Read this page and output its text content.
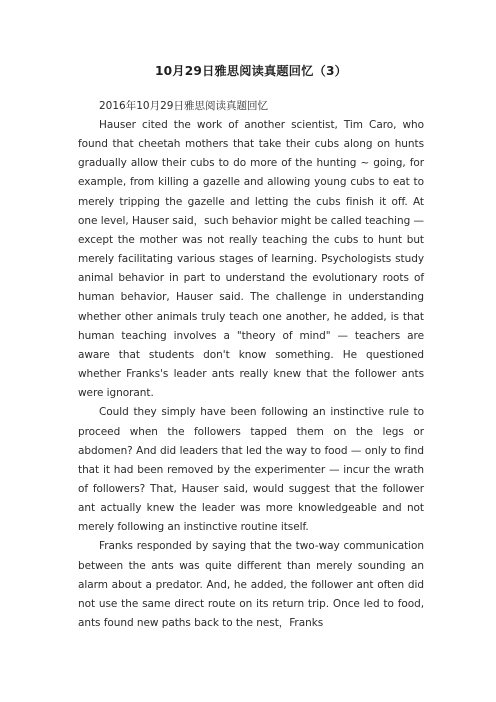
10月29日雅思阅读真题回忆（3）
2016年10月29日雅思阅读真题回忆

Hauser cited the work of another scientist, Tim Caro, who found that cheetah mothers that take their cubs along on hunts gradually allow their cubs to do more of the hunting ~ going, for example, from killing a gazelle and allowing young cubs to eat to merely tripping the gazelle and letting the cubs finish it off. At one level, Hauser said，such behavior might be called teaching — except the mother was not really teaching the cubs to hunt but merely facilitating various stages of learning. Psychologists study animal behavior in part to understand the evolutionary roots of human behavior, Hauser said. The challenge in understanding whether other animals truly teach one another, he added, is that human teaching involves a "theory of mind" — teachers are aware that students don't know something. He questioned whether Franks's leader ants really knew that the follower ants were ignorant.

Could they simply have been following an instinctive rule to proceed when the followers tapped them on the legs or abdomen? And did leaders that led the way to food — only to find that it had been removed by the experimenter — incur the wrath of followers? That, Hauser said, would suggest that the follower ant actually knew the leader was more knowledgeable and not merely following an instinctive routine itself.

Franks responded by saying that the two-way communication between the ants was quite different than merely sounding an alarm about a predator. And, he added, the follower ant often did not use the same direct route on its return trip. Once led to food, ants found new paths back to the nest，Franks
